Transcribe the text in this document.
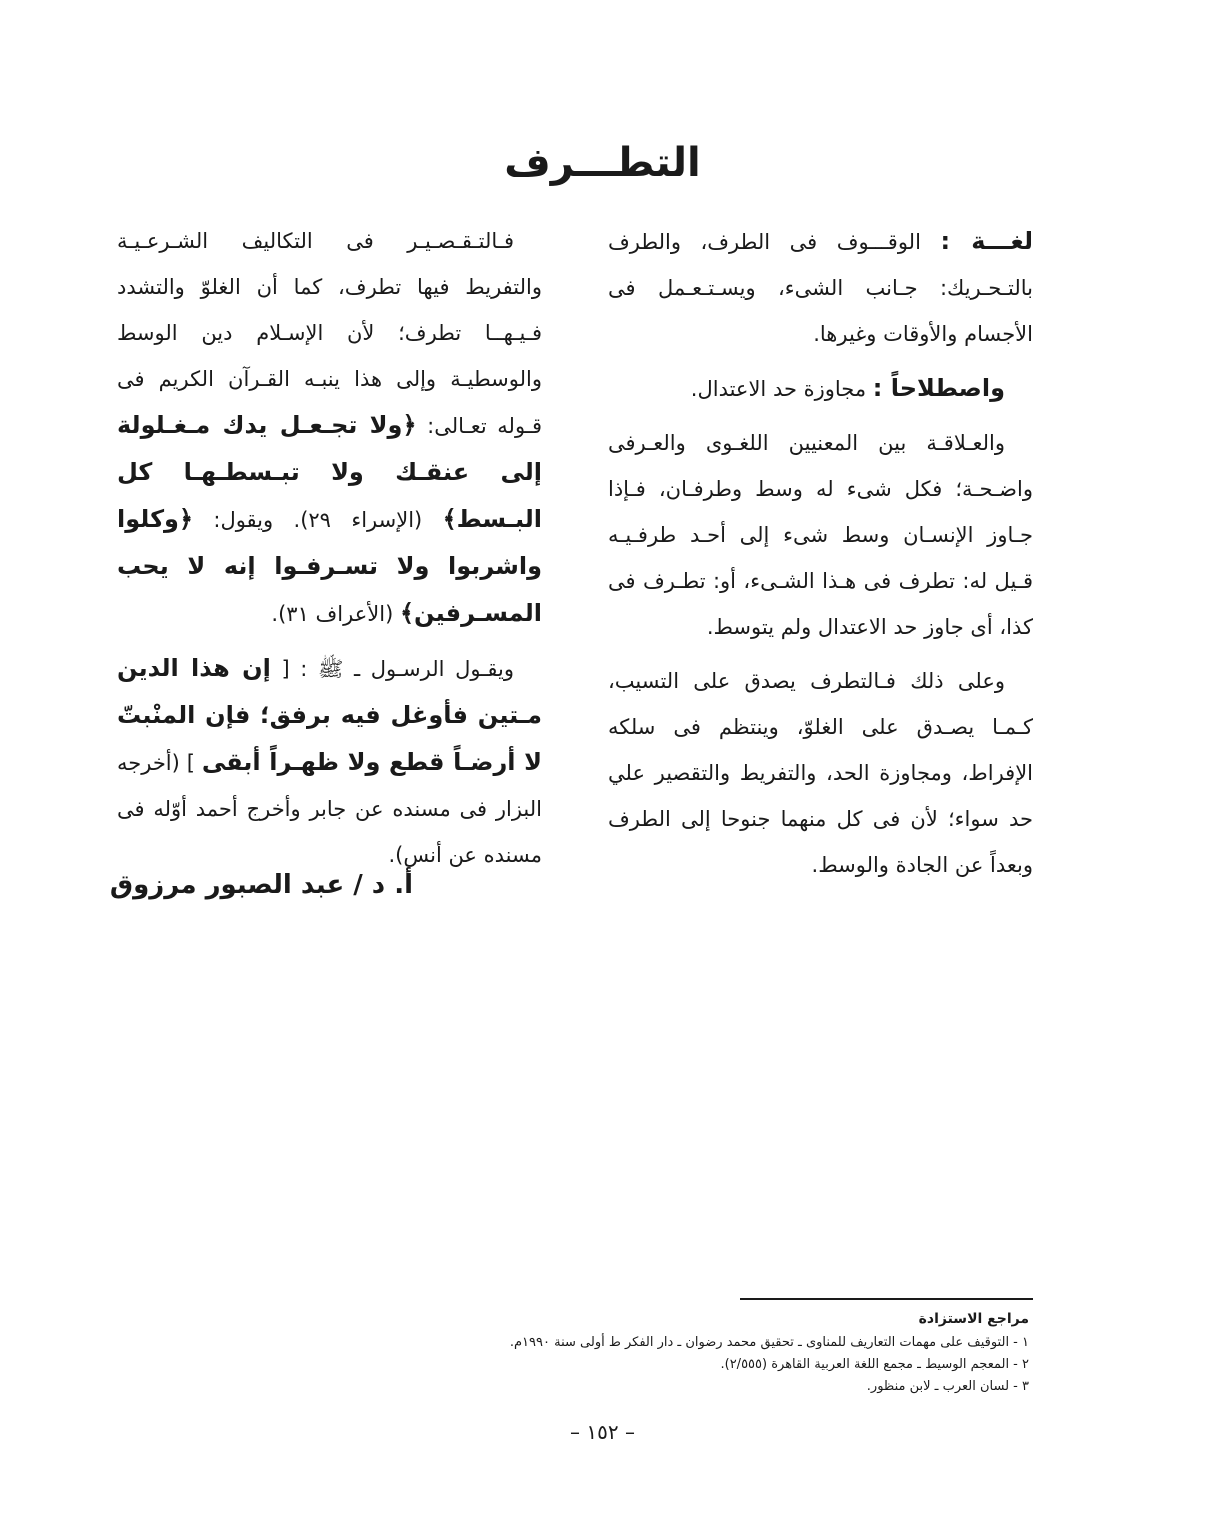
التطـــرف

لغـــة : الوقـــوف فى الطرف، والطرف بالتـحـريك: جـانب الشىء، ويسـتـعـمل فى الأجسام والأوقات وغيرها.

واصطلاحاً : مجاوزة حد الاعتدال.

والعـلاقـة بين المعنيين اللغـوى والعـرفى واضـحـة؛ فكل شىء له وسط وطرفـان، فـإذا جـاوز الإنسـان وسط شىء إلى أحـد طرفـيـه قـيل له: تطرف فى هـذا الشـىء، أو: تطـرف فى كذا، أى جاوز حد الاعتدال ولم يتوسط.

وعلى ذلك فـالتطرف يصدق على التسيب، كـمـا يصـدق على الغلوّ، وينتظم فى سلكه الإفراط، ومجاوزة الحد، والتفريط والتقصير علي حد سواء؛ لأن فى كل منهما جنوحا إلى الطرف وبعداً عن الجادة والوسط.

فـالتـقـصـيـر فى التكاليف الشـرعـيـة والتفريط فيها تطرف، كما أن الغلوّ والتشدد فـيـهــا تطرف؛ لأن الإسـلام دين الوسط والوسطيـة وإلى هذا ينبـه القـرآن الكريم فى قـوله تعـالى: ﴿ولا تجـعـل يدك مـغـلولة إلى عنقـك ولا تبـسطـهـا كل البـسط﴾ (الإسراء ٢٩). ويقول: ﴿وكلوا واشربوا ولا تسـرفـوا إنه لا يحب المسـرفين﴾ (الأعراف ٣١).

ويقـول الرسـول ـ ﷺ : [ إن هذا الدين مـتين فأوغل فيه برفق؛ فإن المنْبتّ لا أرضـاً قطع ولا ظهـراً أبقى ] (أخرجه البزار فى مسنده عن جابر وأخرج أحمد أوّله فى مسنده عن أنس).

أ. د / عبد الصبور مرزوق

مراجع الاستزادة

١ - التوقيف على مهمات التعاريف للمناوى ـ تحقيق محمد رضوان ـ دار الفكر ط أولى سنة ١٩٩٠م.

٢ - المعجم الوسيط ـ مجمع اللغة العربية القاهرة (٢/٥٥٥).

٣ - لسان العرب ـ لابن منظور.

– ١٥٢ –
